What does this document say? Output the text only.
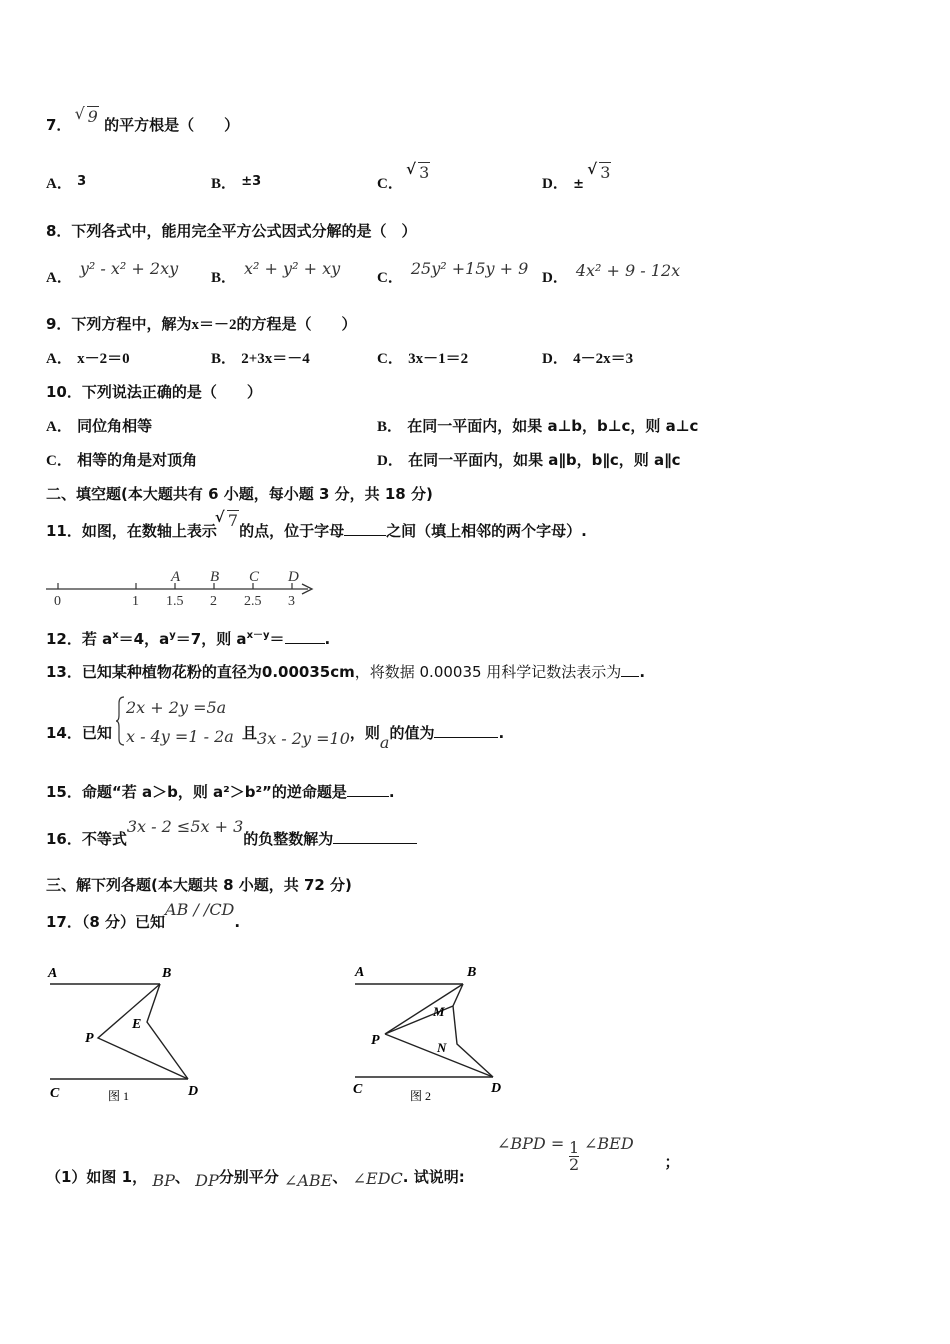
7． √ 9 的平方根是（　　）
A． 3	B． ±3	C． √ 3
D． ± √ 3
8．下列各式中，能用完全平方公式因式分解的是（　）
A． y² - x² + 2xy B． x² + y² + xy C． 25y² +15y + 9 D． 4x² + 9 - 12x
9．下列方程中，解为x＝－2的方程是（　　）
A． x－2＝0	B． 2+3x＝－4	C． 3x－1＝2	D． 4－2x＝3
10．下列说法正确的是（　　）
A． 同位角相等	B． 在同一平面内，如果 a⊥b，b⊥c，则 a⊥c
C． 相等的角是对顶角	D． 在同一平面内，如果 a∥b，b∥c，则 a∥c
二、填空题(本大题共有 6 小题，每小题 3 分，共 18 分)
11．如图，在数轴上表示√ 7的点，位于字母	之间（填上相邻的两个字母）.
0	1 1.5 2 2.5 3
A B C D
12．若 $a^x=4$，$a^y=7$，则 $a^{x-y}=$	.
13．已知某种植物花粉的直径为0.00035cm，将数据 0.00035 用科学记数法表示为 .
14．已知
2x + 2y =5a
x - 4y =1 - 2a 且3x - 2y =10，则a的值为	.
15．命题“若 a＞b，则 a²＞b²”的逆命题是	.
16．不等式3x - 2 ≤5x + 3的负整数解为
三、解下列各题(本大题共 8 小题，共 72 分)
17．（8 分）已知AB / /CD.
A	B
E
P
C	D
图 1
A	B
M
P	N
C	D
图 2
（1）如图 1， BP、 DP分别平分 ∠ABE、 ∠EDC. 试说明:
∠BPD = $\frac{1}{2}$ ∠BED ；
